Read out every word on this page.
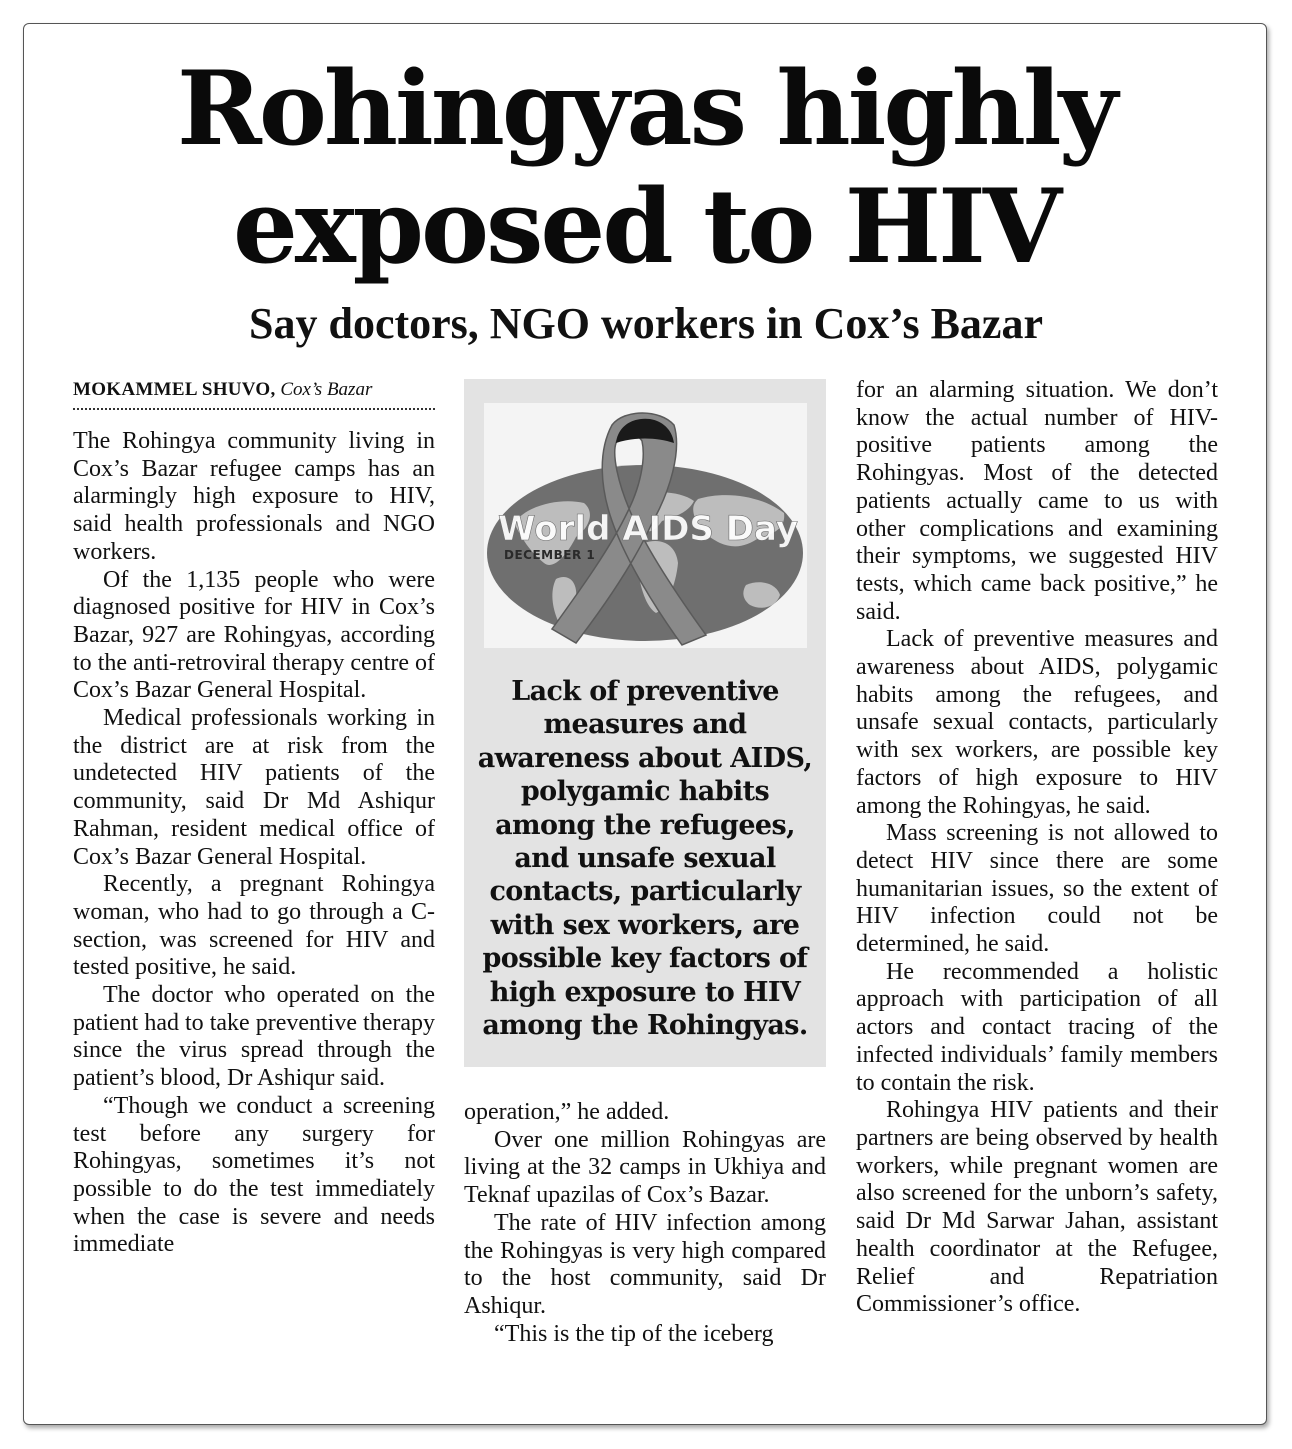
Rohingyas highly exposed to HIV
Say doctors, NGO workers in Cox’s Bazar
MOKAMMEL SHUVO, Cox’s Bazar

The Rohingya community living in Cox’s Bazar refugee camps has an alarmingly high exposure to HIV, said health professionals and NGO workers.

Of the 1,135 people who were diagnosed positive for HIV in Cox’s Bazar, 927 are Rohingyas, according to the anti-retroviral therapy centre of Cox’s Bazar General Hospital.

Medical professionals working in the district are at risk from the undetected HIV patients of the community, said Dr Md Ashiqur Rahman, resident medical office of Cox’s Bazar General Hospital.

Recently, a pregnant Rohingya woman, who had to go through a C-section, was screened for HIV and tested positive, he said.

The doctor who operated on the patient had to take preventive therapy since the virus spread through the patient’s blood, Dr Ashiqur said.

“Though we conduct a screening test before any surgery for Rohingyas, sometimes it’s not possible to do the test immediately when the case is severe and needs immediate

World AIDS Day
DECEMBER 1
Lack of preventive measures and awareness about AIDS, polygamic habits among the refugees, and unsafe sexual contacts, particularly with sex workers, are possible key factors of high exposure to HIV among the Rohingyas.

operation,” he added.

Over one million Rohingyas are living at the 32 camps in Ukhiya and Teknaf upazilas of Cox’s Bazar.

The rate of HIV infection among the Rohingyas is very high compared to the host community, said Dr Ashiqur.

“This is the tip of the iceberg

for an alarming situation. We don’t know the actual number of HIV-positive patients among the Rohingyas. Most of the detected patients actually came to us with other complications and examining their symptoms, we suggested HIV tests, which came back positive,” he said.

Lack of preventive measures and awareness about AIDS, polygamic habits among the refugees, and unsafe sexual contacts, particularly with sex workers, are possible key factors of high exposure to HIV among the Rohingyas, he said.

Mass screening is not allowed to detect HIV since there are some humanitarian issues, so the extent of HIV infection could not be determined, he said.

He recommended a holistic approach with participation of all actors and contact tracing of the infected individuals’ family members to contain the risk.

Rohingya HIV patients and their partners are being observed by health workers, while pregnant women are also screened for the unborn’s safety, said Dr Md Sarwar Jahan, assistant health coordinator at the Refugee, Relief and Repatriation Commissioner’s office.
